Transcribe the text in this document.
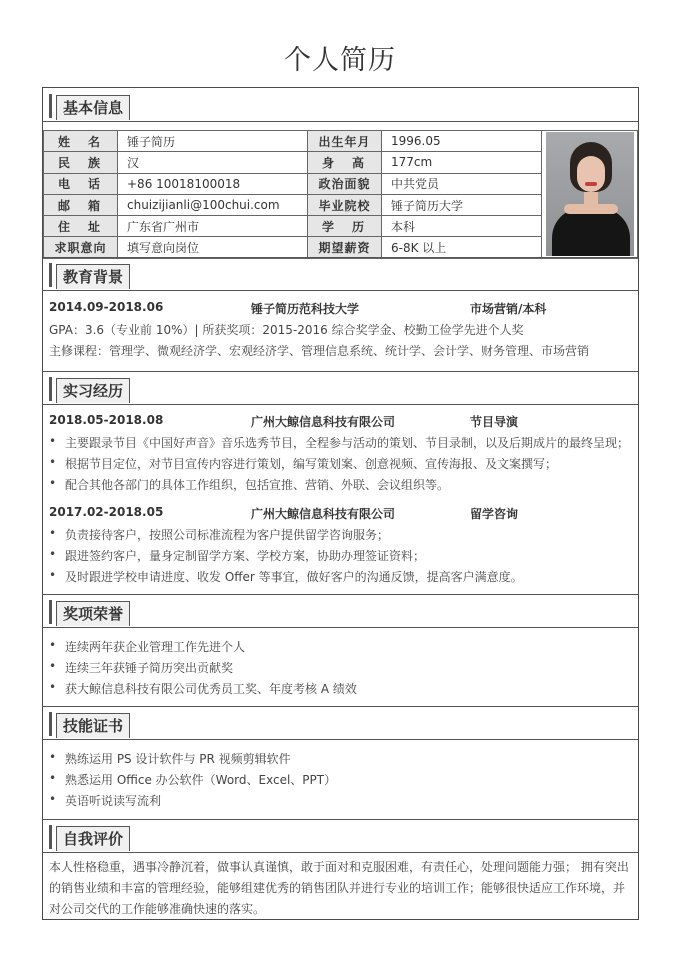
个人简历
基本信息
姓 名	锤子简历	出生年月	1996.05	

民 族	汉	身 高	177cm	

电 话	+86 10018100018	政治面貌	中共党员	

邮 箱	chuizijianli@100chui.com	毕业院校	锤子简历大学	

住 址	广东省广州市	学 历	本科	

求职意向	填写意向岗位	期望薪资	6-8K 以上	
教育背景
2014.09-2018.06	锤子简历范科技大学	市场营销/本科
GPA：3.6（专业前 10%）| 所获奖项：2015-2016 综合奖学金、校勤工俭学先进个人奖
主修课程：管理学、微观经济学、宏观经济学、管理信息系统、统计学、会计学、财务管理、市场营销
实习经历
2018.05-2018.08	广州大鲸信息科技有限公司	节目导演
• 主要跟录节目《中国好声音》音乐选秀节目，全程参与活动的策划、节目录制，以及后期成片的最终呈现；
• 根据节目定位，对节目宣传内容进行策划，编写策划案、创意视频、宣传海报、及文案撰写；
• 配合其他各部门的具体工作组织，包括宣推、营销、外联、会议组织等。
2017.02-2018.05	广州大鲸信息科技有限公司	留学咨询
• 负责接待客户，按照公司标准流程为客户提供留学咨询服务；
• 跟进签约客户，量身定制留学方案、学校方案，协助办理签证资料；
• 及时跟进学校申请进度、收发 Offer 等事宜，做好客户的沟通反馈，提高客户满意度。
奖项荣誉
• 连续两年获企业管理工作先进个人
• 连续三年获锤子简历突出贡献奖
• 获大鲸信息科技有限公司优秀员工奖、年度考核 A 绩效
技能证书
• 熟练运用 PS 设计软件与 PR 视频剪辑软件
• 熟悉运用 Office 办公软件（Word、Excel、PPT）
• 英语听说读写流利
自我评价
本人性格稳重，遇事冷静沉着，做事认真谨慎，敢于面对和克服困难，有责任心，处理问题能力强； 拥有突出的销售业绩和丰富的管理经验，能够组建优秀的销售团队并进行专业的培训工作；能够很快适应工作环境，并对公司交代的工作能够准确快速的落实。
